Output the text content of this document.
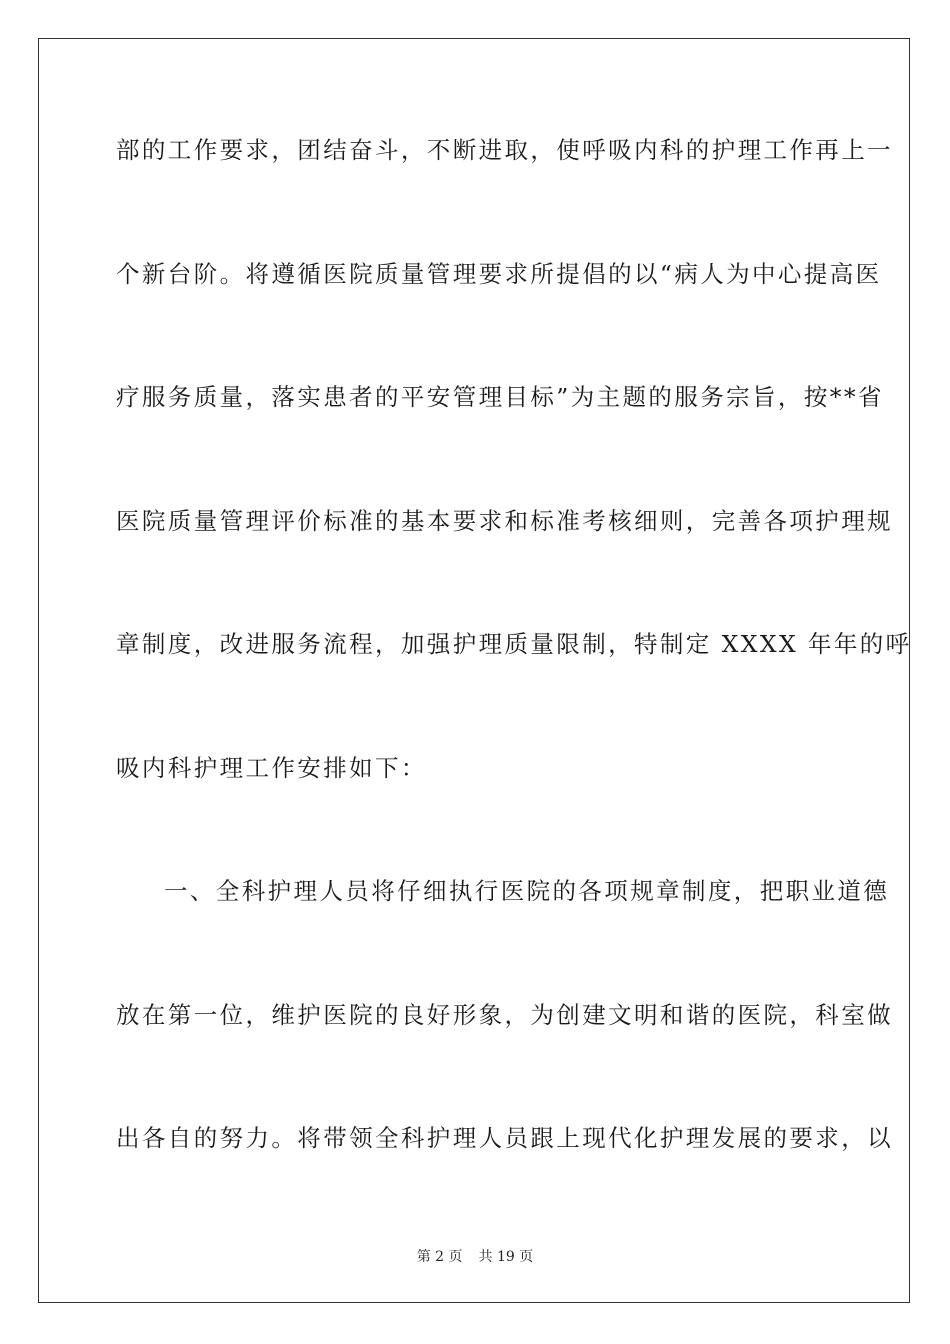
部的工作要求，团结奋斗，不断进取，使呼吸内科的护理工作再上一
个新台阶。将遵循医院质量管理要求所提倡的以“病人为中心提高医
疗服务质量，落实患者的平安管理目标”为主题的服务宗旨，按**省
医院质量管理评价标准的基本要求和标准考核细则，完善各项护理规
章制度，改进服务流程，加强护理质量限制，特制定 XXXX 年年的呼
吸内科护理工作安排如下：
一、全科护理人员将仔细执行医院的各项规章制度，把职业道德
放在第一位，维护医院的良好形象，为创建文明和谐的医院，科室做
出各自的努力。将带领全科护理人员跟上现代化护理发展的要求，以
第 2 页 共 19 页
